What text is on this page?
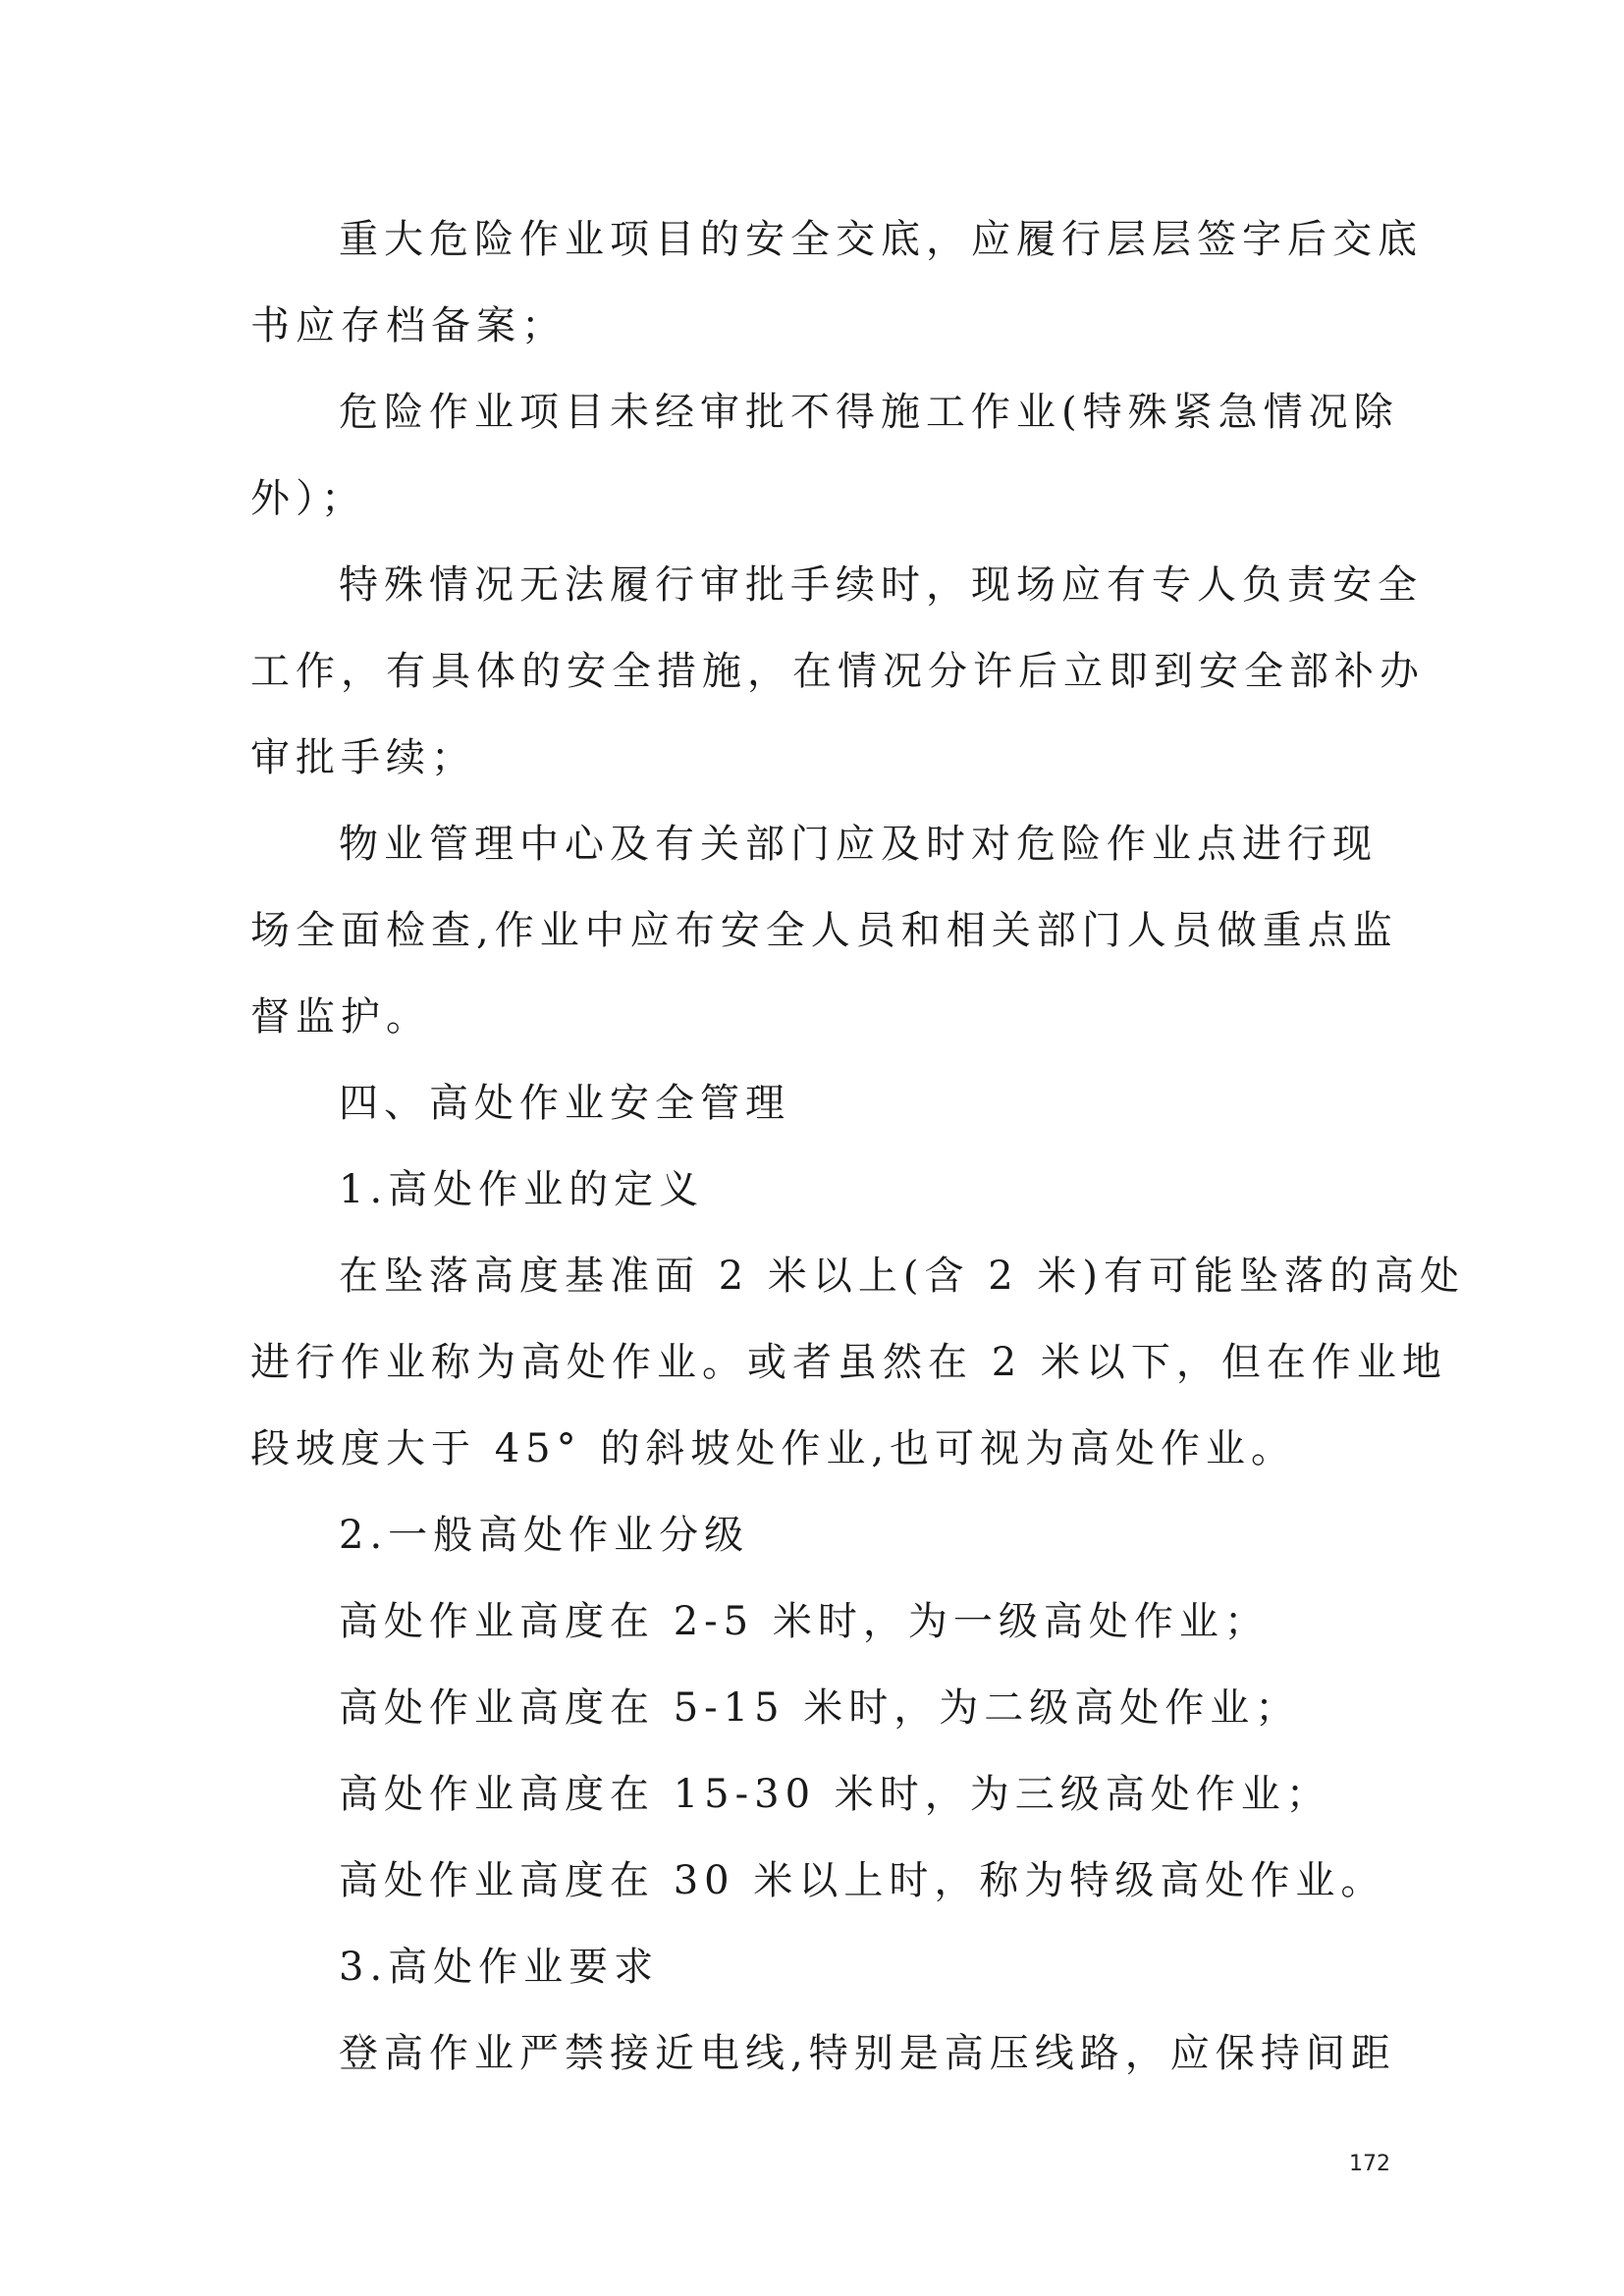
重大危险作业项目的安全交底，应履行层层签字后交底
书应存档备案；
危险作业项目未经审批不得施工作业(特殊紧急情况除
外）；
特殊情况无法履行审批手续时，现场应有专人负责安全
工作，有具体的安全措施，在情况分许后立即到安全部补办
审批手续；
物业管理中心及有关部门应及时对危险作业点进行现
场全面检查,作业中应布安全人员和相关部门人员做重点监
督监护。
四、高处作业安全管理
1.高处作业的定义
在坠落高度基准面 2 米以上(含 2 米)有可能坠落的高处
进行作业称为高处作业。或者虽然在 2 米以下，但在作业地
段坡度大于 45° 的斜坡处作业,也可视为高处作业。
2.一般高处作业分级
高处作业高度在 2-5 米时，为一级高处作业；
高处作业高度在 5-15 米时，为二级高处作业；
高处作业高度在 15-30 米时，为三级高处作业；
高处作业高度在 30 米以上时，称为特级高处作业。
3.高处作业要求
登高作业严禁接近电线,特别是高压线路，应保持间距
172
